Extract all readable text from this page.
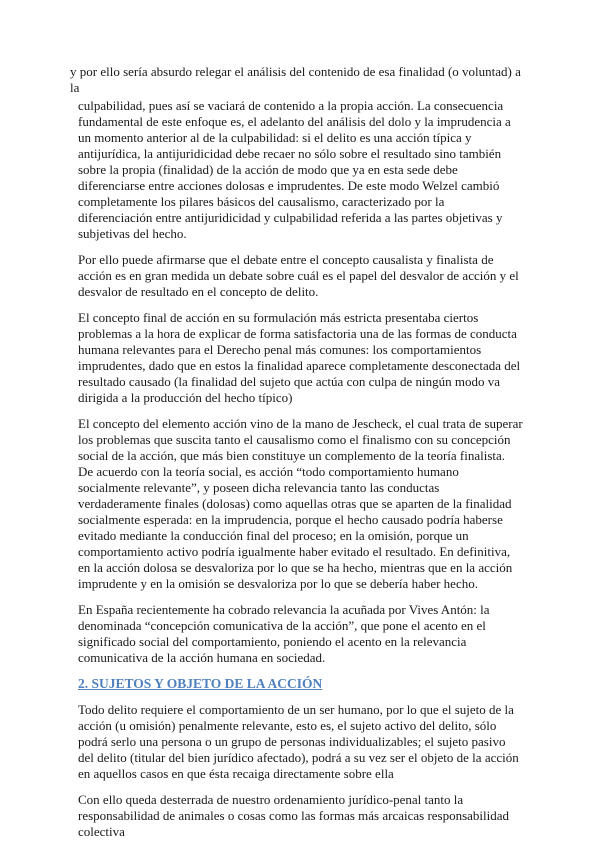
y por ello sería absurdo relegar el análisis del contenido de esa finalidad (o voluntad) a
la
culpabilidad, pues así se vaciará de contenido a la propia acción. La consecuencia
fundamental de este enfoque es, el adelanto del análisis del dolo y la imprudencia a
un momento anterior al de la culpabilidad: si el delito es una acción típica y
antijurídica, la antijuridicidad debe recaer no sólo sobre el resultado sino también
sobre la propia (finalidad) de la acción de modo que ya en esta sede debe
diferenciarse entre acciones dolosas e imprudentes. De este modo Welzel cambió
completamente los pilares básicos del causalismo, caracterizado por la
diferenciación entre antijuridicidad y culpabilidad referida a las partes objetivas y
subjetivas del hecho.
Por ello puede afirmarse que el debate entre el concepto causalista y finalista de
acción es en gran medida un debate sobre cuál es el papel del desvalor de acción y el
desvalor de resultado en el concepto de delito.
El concepto final de acción en su formulación más estricta presentaba ciertos
problemas a la hora de explicar de forma satisfactoria una de las formas de conducta
humana relevantes para el Derecho penal más comunes: los comportamientos
imprudentes, dado que en estos la finalidad aparece completamente desconectada del
resultado causado (la finalidad del sujeto que actúa con culpa de ningún modo va
dirigida a la producción del hecho típico)
El concepto del elemento acción vino de la mano de Jescheck, el cual trata de superar
los problemas que suscita tanto el causalismo como el finalismo con su concepción
social de la acción, que más bien constituye un complemento de la teoría finalista.
De acuerdo con la teoría social, es acción “todo comportamiento humano
socialmente relevante”, y poseen dicha relevancia tanto las conductas
verdaderamente finales (dolosas) como aquellas otras que se aparten de la finalidad
socialmente esperada: en la imprudencia, porque el hecho causado podría haberse
evitado mediante la conducción final del proceso; en la omisión, porque un
comportamiento activo podría igualmente haber evitado el resultado. En definitiva,
en la acción dolosa se desvaloriza por lo que se ha hecho, mientras que en la acción
imprudente y en la omisión se desvaloriza por lo que se debería haber hecho.
En España recientemente ha cobrado relevancia la acuñada por Vives Antón: la
denominada “concepción comunicativa de la acción”, que pone el acento en el
significado social del comportamiento, poniendo el acento en la relevancia
comunicativa de la acción humana en sociedad.
2. SUJETOS Y OBJETO DE LA ACCIÓN
Todo delito requiere el comportamiento de un ser humano, por lo que el sujeto de la
acción (u omisión) penalmente relevante, esto es, el sujeto activo del delito, sólo
podrá serlo una persona o un grupo de personas individualizables; el sujeto pasivo
del delito (titular del bien jurídico afectado), podrá a su vez ser el objeto de la acción
en aquellos casos en que ésta recaiga directamente sobre ella
Con ello queda desterrada de nuestro ordenamiento jurídico-penal tanto la
responsabilidad de animales o cosas como las formas más arcaicas responsabilidad
colectiva
